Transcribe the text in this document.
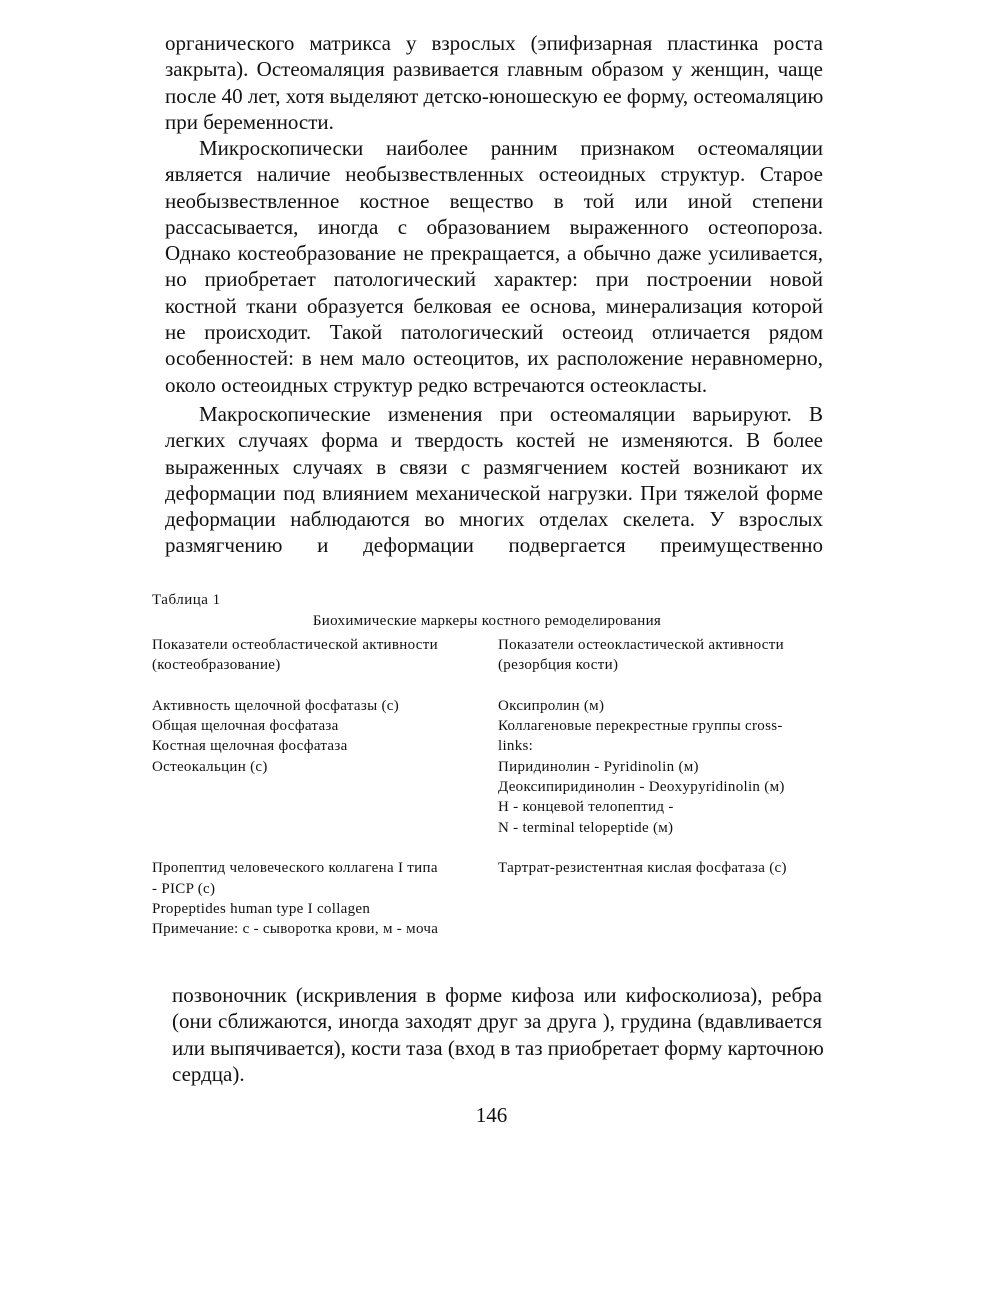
органического матрикса у взрослых (эпифизарная пластинка роста
закрыта). Остеомаляция развивается главным образом у женщин, чаще
после 40 лет, хотя выделяют детско-юношескую ее форму, остеомаляцию
при беременности.
Микроскопически наиболее ранним признаком остеомаляции
является наличие необызвествленных остеоидных структур. Старое
необызвествленное костное вещество в той или иной степени
рассасывается, иногда с образованием выраженного остеопороза.
Однако костеобразование не прекращается, а обычно даже усиливается,
но приобретает патологический характер: при построении новой
костной ткани образуется белковая ее основа, минерализация которой
не происходит. Такой патологический остеоид отличается рядом
особенностей: в нем мало остеоцитов, их расположение неравномерно,
около остеоидных структур редко встречаются остеокласты.
Макроскопические изменения при остеомаляции варьируют. В
легких случаях форма и твердость костей не изменяются. В более
выраженных случаях в связи с размягчением костей возникают их
деформации под влиянием механической нагрузки. При тяжелой форме
деформации наблюдаются во многих отделах скелета. У взрослых
размягчению и деформации подвергается преимущественно

Таблица 1

Биохимические маркеры костного ремоделирования

Показатели остеобластической активности
(костеобразование)
Активность щелочной фосфатазы (с)
Общая щелочная фосфатаза
Костная щелочная фосфатаза
Остеокальцин (с)
Пропептид человеческого коллагена I типа
- PICP (с)
Propeptides human type I collagen
Примечание: с - сыворотка крови, м - моча
Показатели остеокластической активности
(резорбция кости)
Оксипролин (м)
Коллагеновые перекрестные группы cross-
links:
Пиридинолин - Pyridinolin (м)
Деоксипиридинолин - Deoxypyridinolin (м)
Н - концевой телопептид -
N - terminal telopeptide (м)
Тартрат-резистентная кислая фосфатаза (с)
позвоночник (искривления в форме кифоза или кифосколиоза), ребра
(они сближаются, иногда заходят друг за друга ), грудина (вдавливается
или выпячивается), кости таза (вход в таз приобретает форму карточною
сердца).

146
